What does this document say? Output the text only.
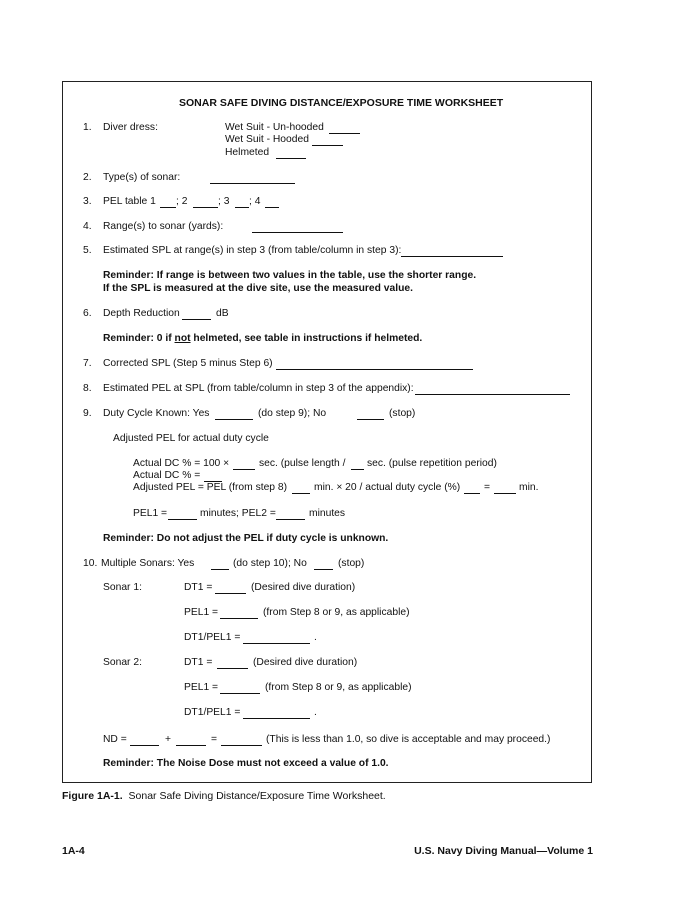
SONAR SAFE DIVING DISTANCE/EXPOSURE TIME WORKSHEET
1. Diver dress:	Wet Suit - Un-hooded
Wet Suit - Hooded
Helmeted
2. Type(s) of sonar:
3. PEL table 1 ; 2	; 3 ; 4
4. Range(s) to sonar (yards):
5. Estimated SPL at range(s) in step 3 (from table/column in step 3):
Reminder: If range is between two values in the table, use the shorter range.
If the SPL is measured at the dive site, use the measured value.
6. Depth Reduction	dB
Reminder: 0 if not helmeted, see table in instructions if helmeted.
7. Corrected SPL (Step 5 minus Step 6)
8. Estimated PEL at SPL (from table/column in step 3 of the appendix):
9. Duty Cycle Known: Yes	(do step 9); No	(stop)
Adjusted PEL for actual duty cycle
Actual DC % = 100 ×	sec. (pulse length / sec. (pulse repetition period)
Actual DC % =
Adjusted PEL = PEL (from step 8)	min. × 20 / actual duty cycle (%) =	min.
PEL1 =	minutes; PEL2 =	minutes
Reminder: Do not adjust the PEL if duty cycle is unknown.
10. Multiple Sonars: Yes	(do step 10); No	(stop)
Sonar 1:	DT1 =	(Desired dive duration)
PEL1 =	(from Step 8 or 9, as applicable)
DT1/PEL1 =	.
Sonar 2:	DT1 =	(Desired dive duration)
PEL1 =	(from Step 8 or 9, as applicable)
DT1/PEL1 =	.
ND =	+	=	(This is less than 1.0, so dive is acceptable and may proceed.)
Reminder: The Noise Dose must not exceed a value of 1.0.
Figure 1A-1. Sonar Safe Diving Distance/Exposure Time Worksheet.
1A-4	U.S. Navy Diving Manual—Volume 1
